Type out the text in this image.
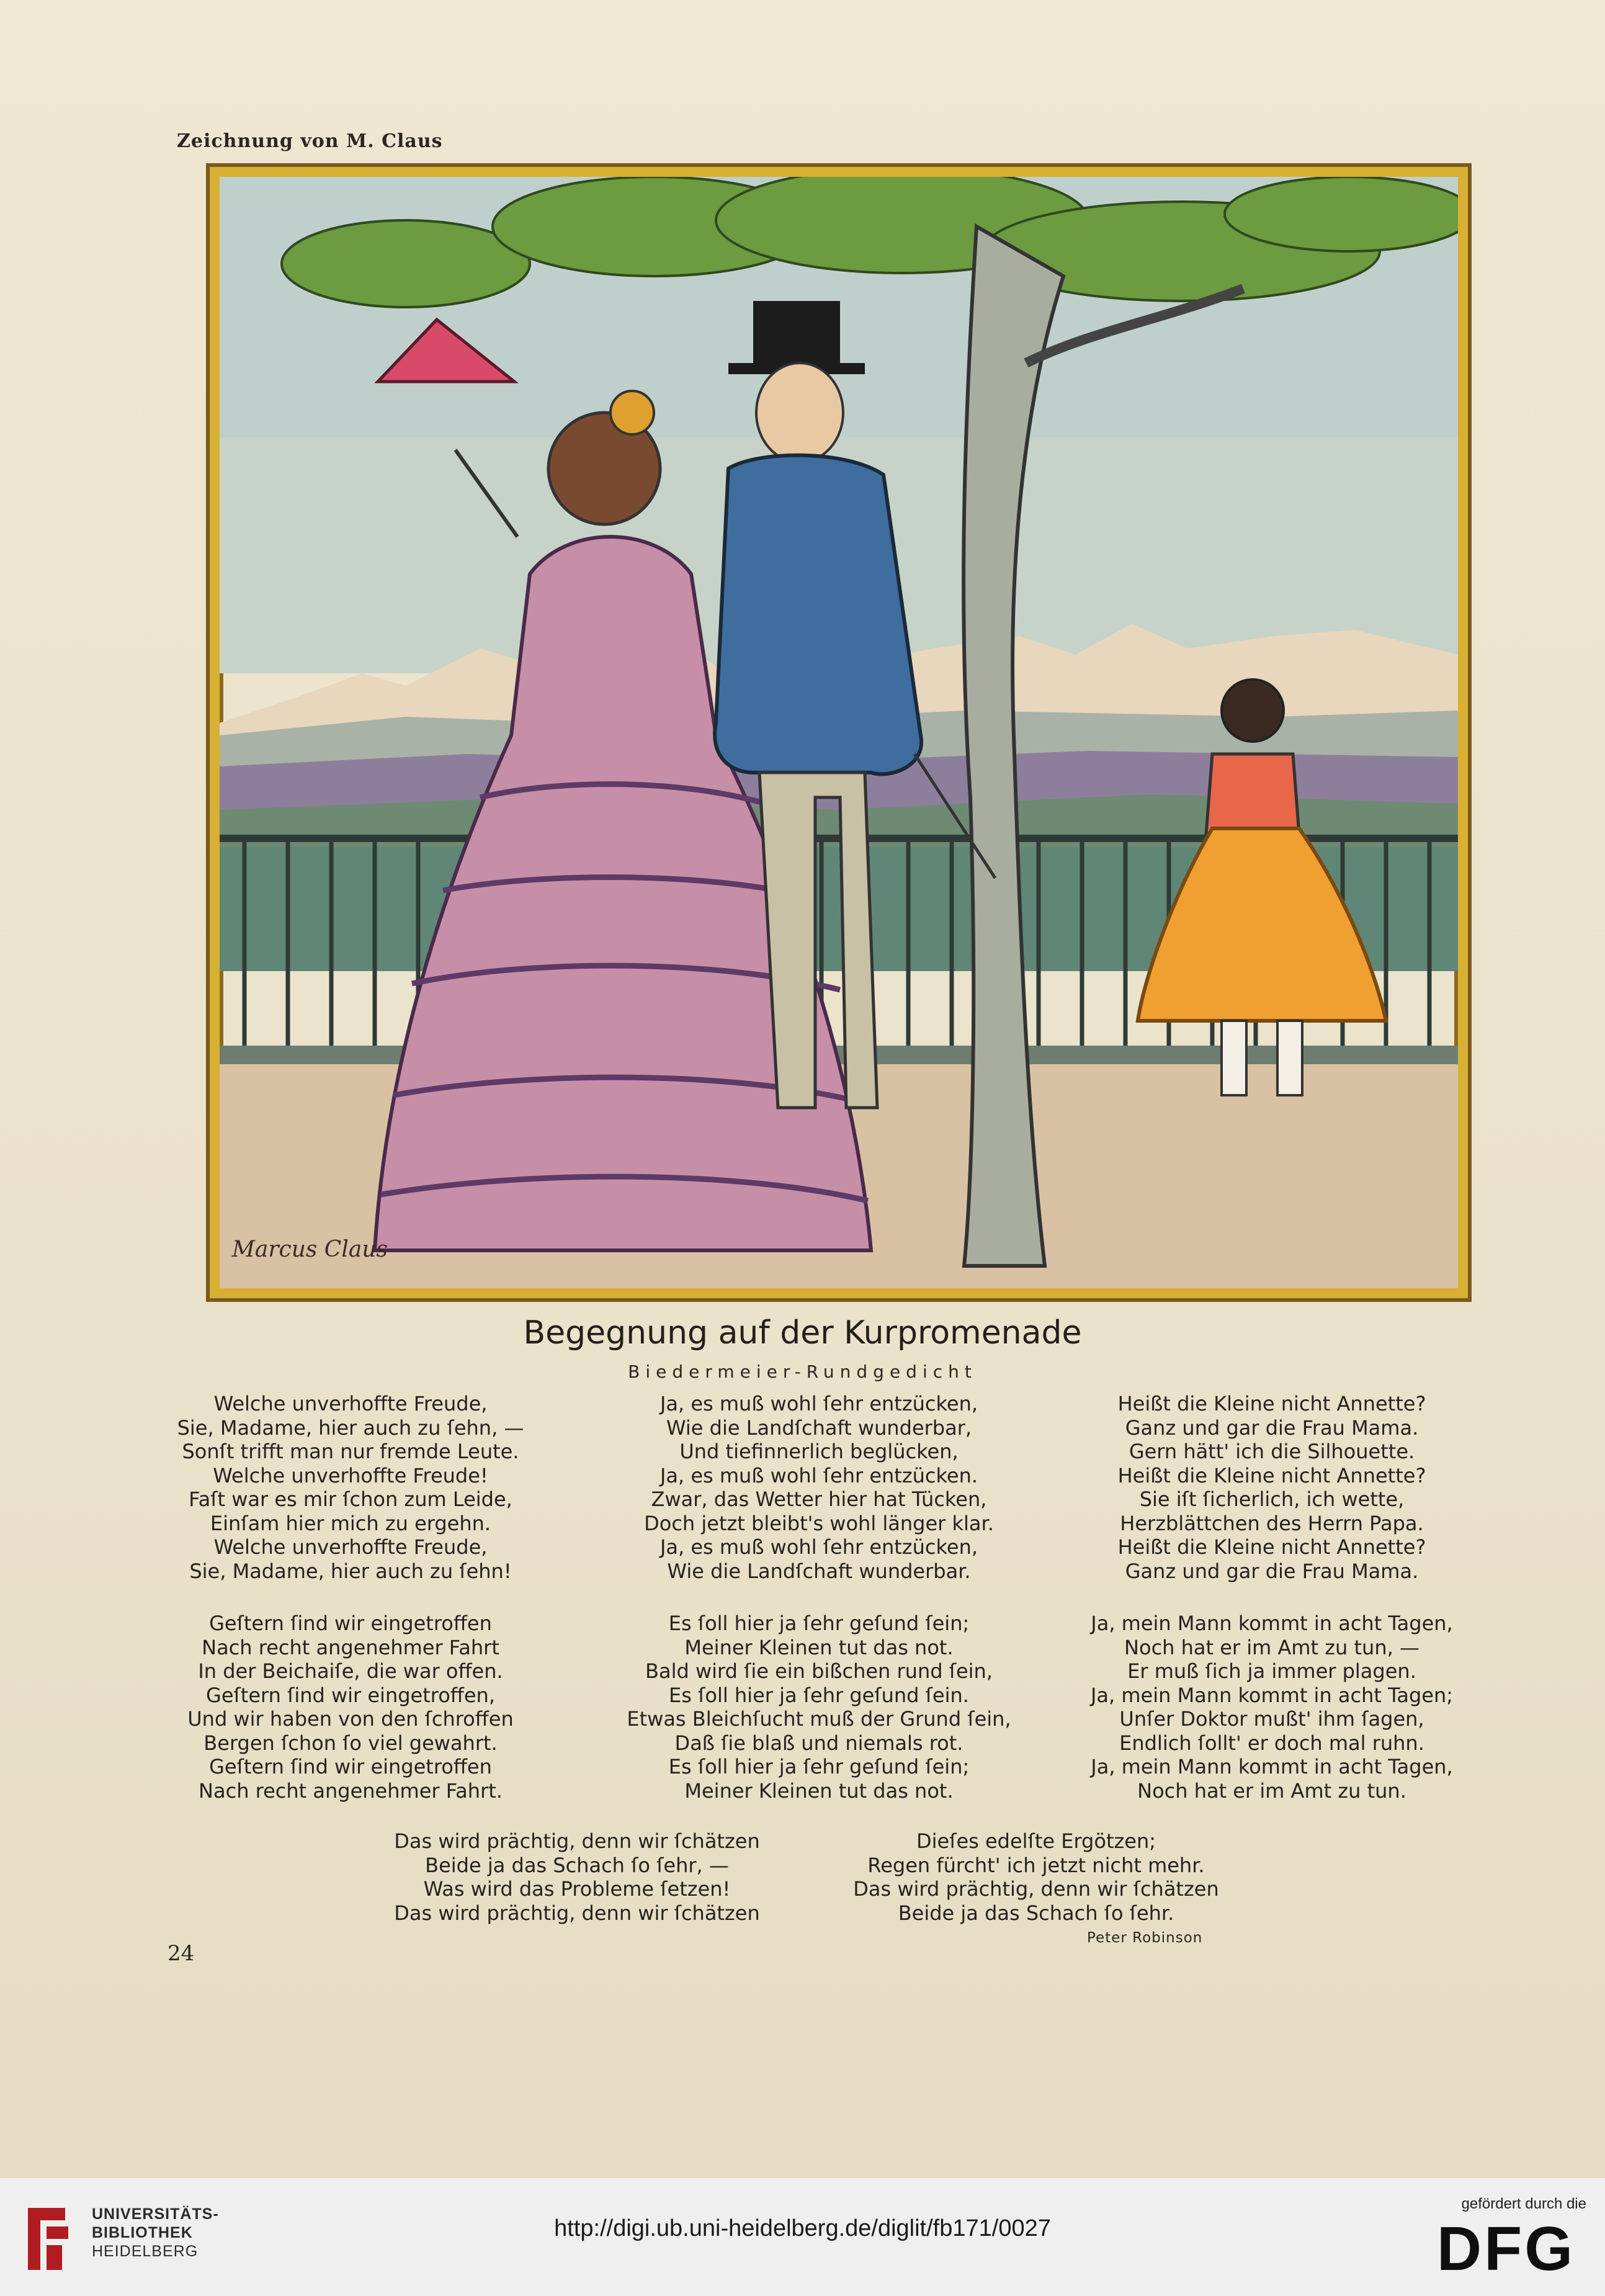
Zeichnung von M. Claus
Marcus Claus
Begegnung auf der Kurpromenade
Biedermeier-Rundgedicht
Welche unverhoffte Freude,
Sie, Madame, hier auch zu ſehn, —
Sonſt trifft man nur fremde Leute.
Welche unverhoffte Freude!
Faſt war es mir ſchon zum Leide,
Einſam hier mich zu ergehn.
Welche unverhoffte Freude,
Sie, Madame, hier auch zu ſehn!
Ja, es muß wohl ſehr entzücken,
Wie die Landſchaft wunderbar,
Und tiefinnerlich beglücken,
Ja, es muß wohl ſehr entzücken.
Zwar, das Wetter hier hat Tücken,
Doch jetzt bleibt's wohl länger klar.
Ja, es muß wohl ſehr entzücken,
Wie die Landſchaft wunderbar.
Heißt die Kleine nicht Annette?
Ganz und gar die Frau Mama.
Gern hätt' ich die Silhouette.
Heißt die Kleine nicht Annette?
Sie iſt ſicherlich, ich wette,
Herzblättchen des Herrn Papa.
Heißt die Kleine nicht Annette?
Ganz und gar die Frau Mama.
Geſtern ſind wir eingetroffen
Nach recht angenehmer Fahrt
In der Beichaiſe, die war offen.
Geſtern ſind wir eingetroffen,
Und wir haben von den ſchroffen
Bergen ſchon ſo viel gewahrt.
Geſtern ſind wir eingetroffen
Nach recht angenehmer Fahrt.
Es ſoll hier ja ſehr geſund ſein;
Meiner Kleinen tut das not.
Bald wird ſie ein bißchen rund ſein,
Es ſoll hier ja ſehr geſund ſein.
Etwas Bleichſucht muß der Grund ſein,
Daß ſie blaß und niemals rot.
Es ſoll hier ja ſehr geſund ſein;
Meiner Kleinen tut das not.
Ja, mein Mann kommt in acht Tagen,
Noch hat er im Amt zu tun, —
Er muß ſich ja immer plagen.
Ja, mein Mann kommt in acht Tagen;
Unſer Doktor mußt' ihm ſagen,
Endlich ſollt' er doch mal ruhn.
Ja, mein Mann kommt in acht Tagen,
Noch hat er im Amt zu tun.
Das wird prächtig, denn wir ſchätzen
Beide ja das Schach ſo ſehr, —
Was wird das Probleme ſetzen!
Das wird prächtig, denn wir ſchätzen
Dieſes edelſte Ergötzen;
Regen fürcht' ich jetzt nicht mehr.
Das wird prächtig, denn wir ſchätzen
Beide ja das Schach ſo ſehr.
Peter Robinson
24
UNIVERSITÄTS-
BIBLIOTHEK
HEIDELBERG
http://digi.ub.uni-heidelberg.de/diglit/fb171/0027
gefördert durch die
DFG
